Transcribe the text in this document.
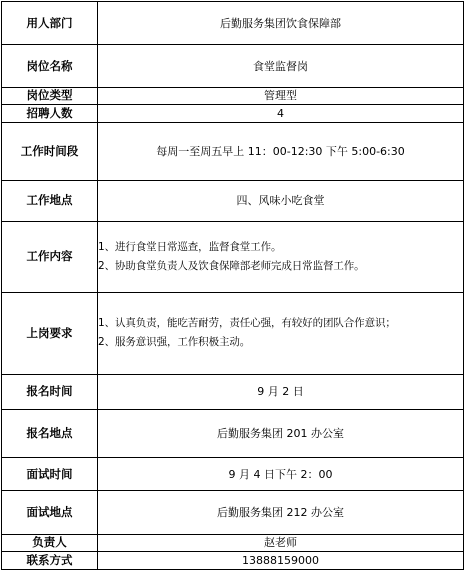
用人部门	后勤服务集团饮食保障部
岗位名称	食堂监督岗
岗位类型	管理型
招聘人数	4
工作时间段	每周一至周五早上 11：00-12:30 下午 5:00-6:30
工作地点	四、风味小吃食堂
工作内容	1、进行食堂日常巡查，监督食堂工作。
2、协助食堂负责人及饮食保障部老师完成日常监督工作。

上岗要求	1、认真负责，能吃苦耐劳，责任心强，有较好的团队合作意识；
2、服务意识强，工作积极主动。

报名时间	9 月 2 日
报名地点	后勤服务集团 201 办公室
面试时间	9 月 4 日下午 2：00
面试地点	后勤服务集团 212 办公室
负责人	赵老师
联系方式	13888159000
